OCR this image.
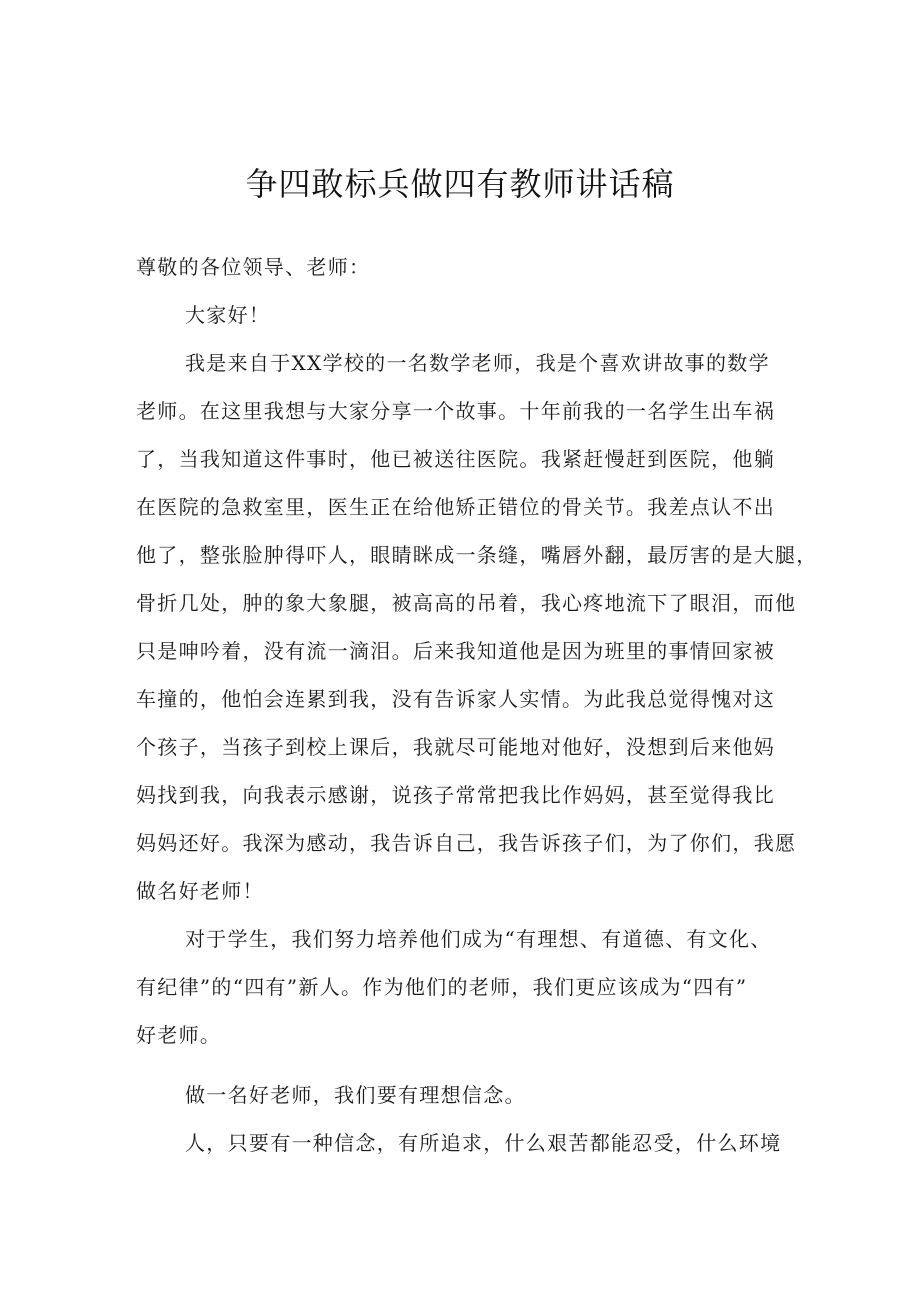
争四敢标兵做四有教师讲话稿
尊敬的各位领导、老师：
大家好！
我是来自于XX学校的一名数学老师，我是个喜欢讲故事的数学
老师。在这里我想与大家分享一个故事。十年前我的一名学生出车祸
了，当我知道这件事时，他已被送往医院。我紧赶慢赶到医院，他躺
在医院的急救室里，医生正在给他矫正错位的骨关节。我差点认不出
他了，整张脸肿得吓人，眼睛眯成一条缝，嘴唇外翻，最厉害的是大腿，
骨折几处，肿的象大象腿，被高高的吊着，我心疼地流下了眼泪，而他
只是呻吟着，没有流一滴泪。后来我知道他是因为班里的事情回家被
车撞的，他怕会连累到我，没有告诉家人实情。为此我总觉得愧对这
个孩子，当孩子到校上课后，我就尽可能地对他好，没想到后来他妈
妈找到我，向我表示感谢，说孩子常常把我比作妈妈，甚至觉得我比
妈妈还好。我深为感动，我告诉自己，我告诉孩子们，为了你们，我愿
做名好老师！
对于学生，我们努力培养他们成为“有理想、有道德、有文化、
有纪律”的“四有”新人。作为他们的老师，我们更应该成为“四有”
好老师。
做一名好老师，我们要有理想信念。
人，只要有一种信念，有所追求，什么艰苦都能忍受，什么环境
